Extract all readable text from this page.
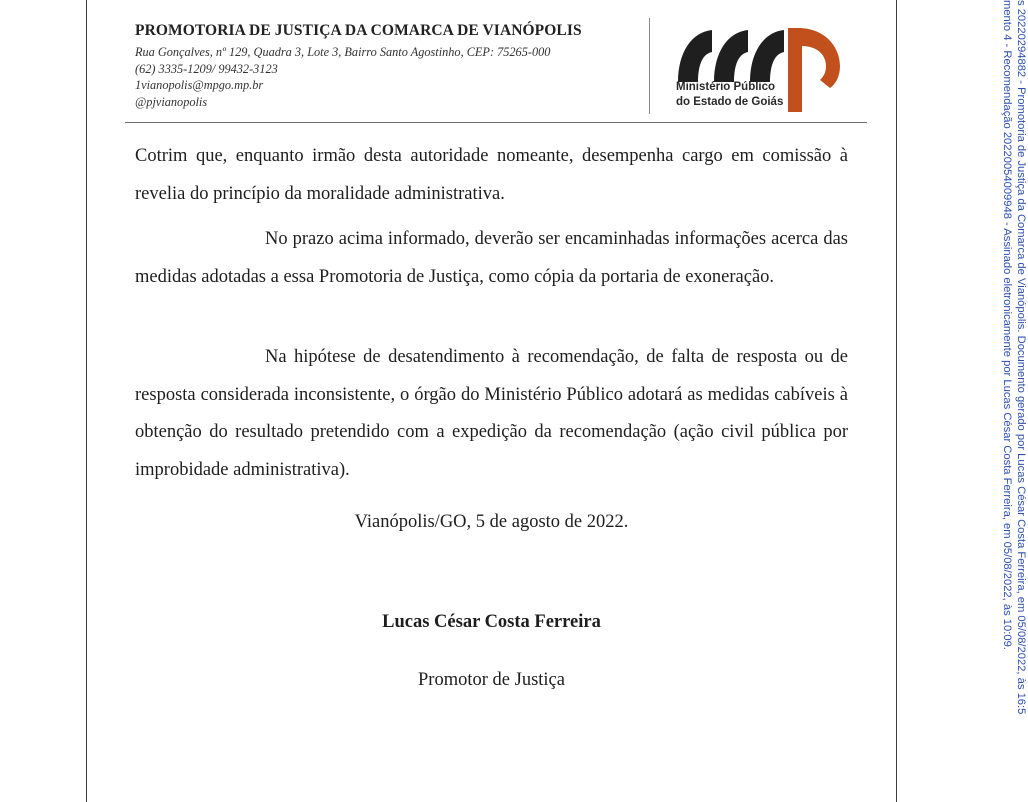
PROMOTORIA DE JUSTIÇA DA COMARCA DE VIANÓPOLIS
Rua Gonçalves, nº 129, Quadra 3, Lote 3, Bairro Santo Agostinho, CEP: 75265-000
(62) 3335-1209/ 99432-3123
1vianopolis@mpgo.mp.br
@pjvianopolis
Ministério Público
do Estado de Goiás
Cotrim que, enquanto irmão desta autoridade nomeante, desempenha cargo em comissão à revelia do princípio da moralidade administrativa.
No prazo acima informado, deverão ser encaminhadas informações acerca das medidas adotadas a essa Promotoria de Justiça, como cópia da portaria de exoneração.
Na hipótese de desatendimento à recomendação, de falta de resposta ou de resposta considerada inconsistente, o órgão do Ministério Público adotará as medidas cabíveis à obtenção do resultado pretendido com a expedição da recomendação (ação civil pública por improbidade administrativa).
Vianópolis/GO, 5 de agosto de 2022.
Lucas César Costa Ferreira
Promotor de Justiça	s 20220294882 - Promotoria de Justiça da Comarca de Vianópolis. Documento gerado por Lucas César Costa Ferreira, em 05/08/2022, às 16:5
mento 4 - Recomendação 20220054009948 - Assinado eletronicamente por Lucas César Costa Ferreira, em 05/08/2022, às 10:09.
